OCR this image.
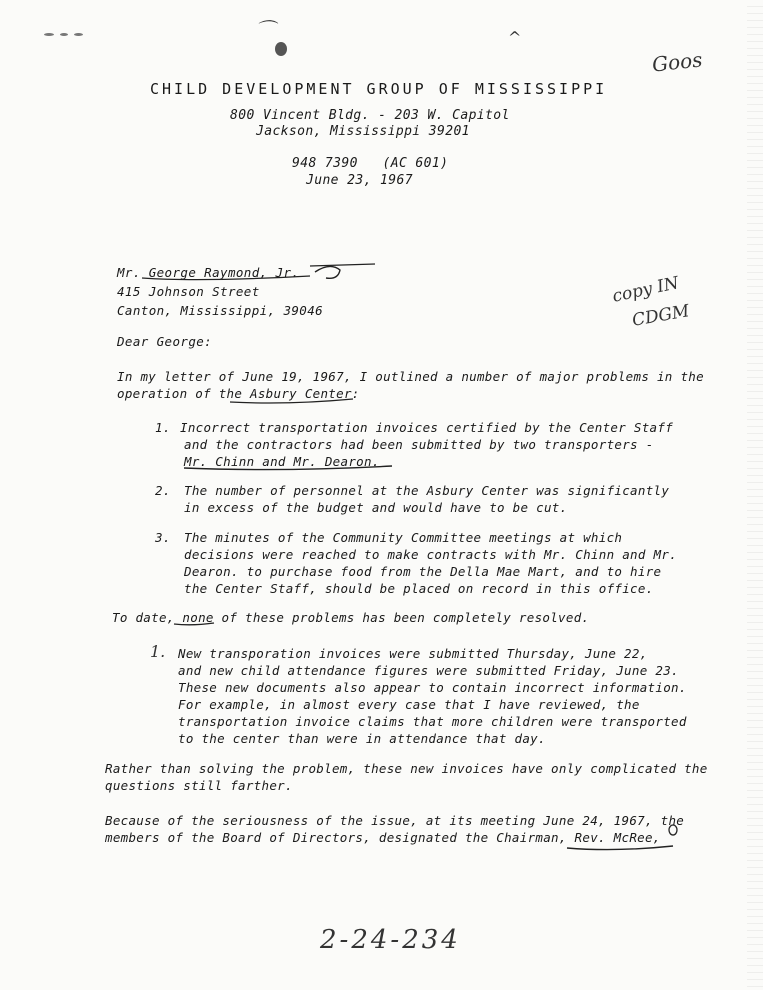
⌒	^
Goos
CHILD DEVELOPMENT GROUP OF MISSISSIPPI
800 Vincent Bldg. - 203 W. Capitol
Jackson, Mississippi 39201
948 7390   (AC 601)
June 23, 1967
Mr. George Raymond, Jr.
415 Johnson Street
Canton, Mississippi, 39046
copy IN
CDGM
Dear George:
In my letter of June 19, 1967, I outlined a number of major problems in the
operation of the Asbury Center:
1. Incorrect transportation invoices certified by the Center Staff
and the contractors had been submitted by two transporters -
Mr. Chinn and Mr. Dearon.
2. The number of personnel at the Asbury Center was significantly
in excess of the budget and would have to be cut.
3. The minutes of the Community Committee meetings at which
decisions were reached to make contracts with Mr. Chinn and Mr.
Dearon. to purchase food from the Della Mae Mart, and to hire
the Center Staff, should be placed on record in this office.
To date, none of these problems has been completely resolved.
1. New transporation invoices were submitted Thursday, June 22,
and new child attendance figures were submitted Friday, June 23.
These new documents also appear to contain incorrect information.
For example, in almost every case that I have reviewed, the
transportation invoice claims that more children were transported
to the center than were in attendance that day.
Rather than solving the problem, these new invoices have only complicated the
questions still farther.
Because of the seriousness of the issue, at its meeting June 24, 1967, the
members of the Board of Directors, designated the Chairman, Rev. McRee,
2-24-234
